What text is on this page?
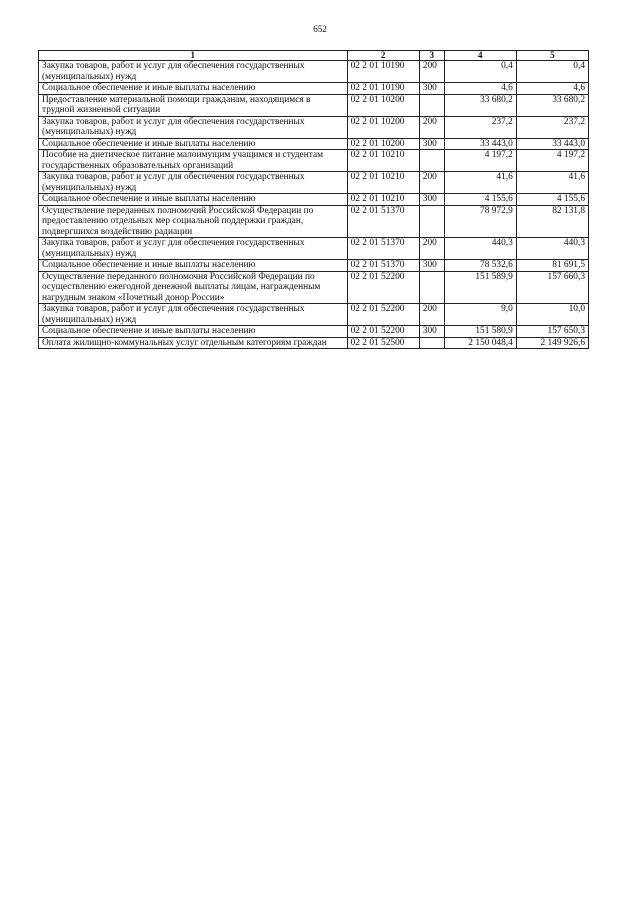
652
1	2	3	4	5
Закупка товаров, работ и услуг для обеспечения государственных (муниципальных) нужд	02 2 01 10190	200	0,4	0,4
Социальное обеспечение и иные выплаты населению	02 2 01 10190	300	4,6	4,6
Предоставление материальной помощи гражданам, находящимся в трудной жизненной ситуации	02 2 01 10200		33 680,2	33 680,2
Закупка товаров, работ и услуг для обеспечения государственных (муниципальных) нужд	02 2 01 10200	200	237,2	237,2
Социальное обеспечение и иные выплаты населению	02 2 01 10200	300	33 443,0	33 443,0
Пособие на диетическое питание малоимущим учащимся и студентам государственных образовательных организаций	02 2 01 10210		4 197,2	4 197,2
Закупка товаров, работ и услуг для обеспечения государственных (муниципальных) нужд	02 2 01 10210	200	41,6	41,6
Социальное обеспечение и иные выплаты населению	02 2 01 10210	300	4 155,6	4 155,6
Осуществление переданных полномочий Российской Федерации по предоставлению отдельных мер социальной поддержки граждан, подвергшихся воздействию радиации	02 2 01 51370		78 972,9	82 131,8
Закупка товаров, работ и услуг для обеспечения государственных (муниципальных) нужд	02 2 01 51370	200	440,3	440,3
Социальное обеспечение и иные выплаты населению	02 2 01 51370	300	78 532,6	81 691,5
Осуществление переданного полномочия Российской Федерации по осуществлению ежегодной денежной выплаты лицам, награжденным нагрудным знаком «Почетный донор России»	02 2 01 52200		151 589,9	157 660,3
Закупка товаров, работ и услуг для обеспечения государственных (муниципальных) нужд	02 2 01 52200	200	9,0	10,0
Социальное обеспечение и иные выплаты населению	02 2 01 52200	300	151 580,9	157 650,3
Оплата жилищно-коммунальных услуг отдельным категориям граждан	02 2 01 52500		2 150 048,4	2 149 926,6
